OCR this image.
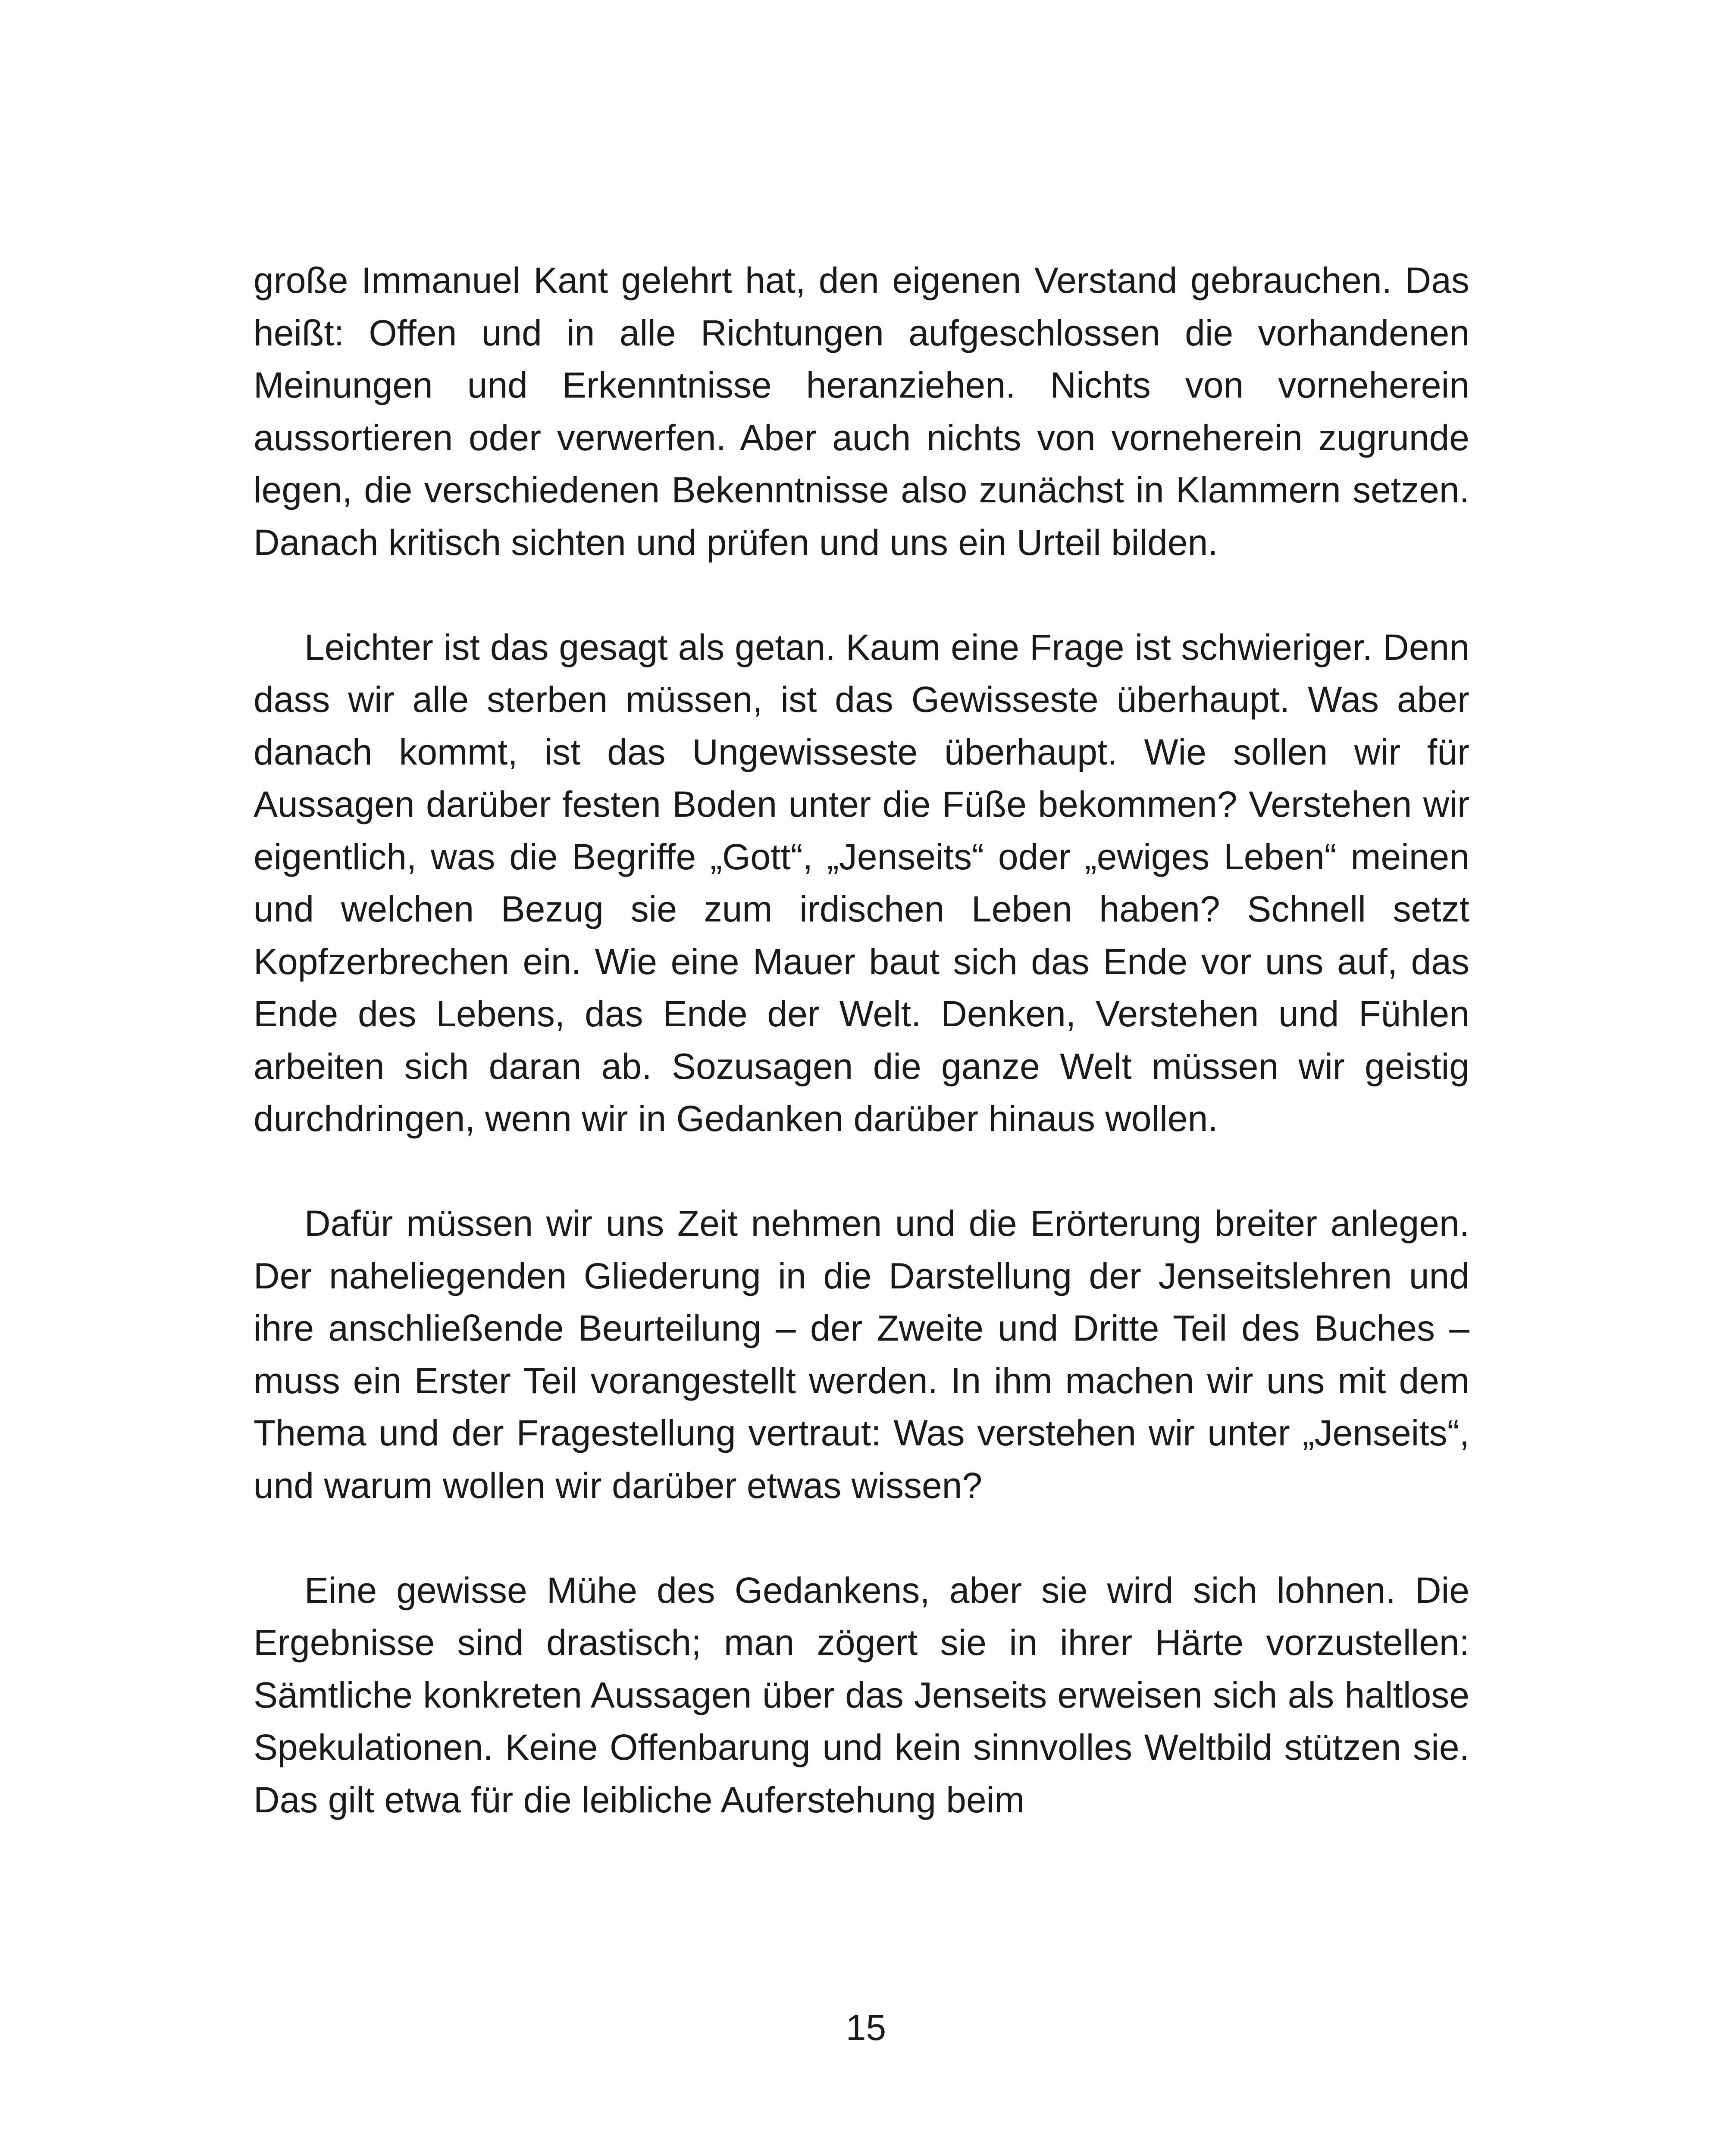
große Immanuel Kant gelehrt hat, den eigenen Verstand gebrauchen. Das heißt: Offen und in alle Richtungen aufgeschlossen die vorhandenen Meinungen und Erkenntnisse heranziehen. Nichts von vorneherein aussortieren oder verwerfen. Aber auch nichts von vorneherein zugrunde legen, die verschiedenen Bekenntnisse also zunächst in Klammern setzen. Danach kritisch sichten und prüfen und uns ein Urteil bilden.

Leichter ist das gesagt als getan. Kaum eine Frage ist schwieriger. Denn dass wir alle sterben müssen, ist das Gewisseste überhaupt. Was aber danach kommt, ist das Ungewisseste überhaupt. Wie sollen wir für Aussagen darüber festen Boden unter die Füße bekommen? Verstehen wir eigentlich, was die Begriffe „Gott“, „Jenseits“ oder „ewiges Leben“ meinen und welchen Bezug sie zum irdischen Leben haben? Schnell setzt Kopfzerbrechen ein. Wie eine Mauer baut sich das Ende vor uns auf, das Ende des Lebens, das Ende der Welt. Denken, Verstehen und Fühlen arbeiten sich daran ab. Sozusagen die ganze Welt müssen wir geistig durchdringen, wenn wir in Gedanken darüber hinaus wollen.

Dafür müssen wir uns Zeit nehmen und die Erörterung breiter anlegen. Der naheliegenden Gliederung in die Darstellung der Jenseitslehren und ihre anschließende Beurteilung – der Zweite und Dritte Teil des Buches – muss ein Erster Teil vorangestellt werden. In ihm machen wir uns mit dem Thema und der Fragestellung vertraut: Was verstehen wir unter „Jenseits“, und warum wollen wir darüber etwas wissen?

Eine gewisse Mühe des Gedankens, aber sie wird sich lohnen. Die Ergebnisse sind drastisch; man zögert sie in ihrer Härte vorzustellen: Sämtliche konkreten Aussagen über das Jenseits erweisen sich als haltlose Spekulationen. Keine Offenbarung und kein sinnvolles Weltbild stützen sie. Das gilt etwa für die leibliche Auferstehung beim

15
